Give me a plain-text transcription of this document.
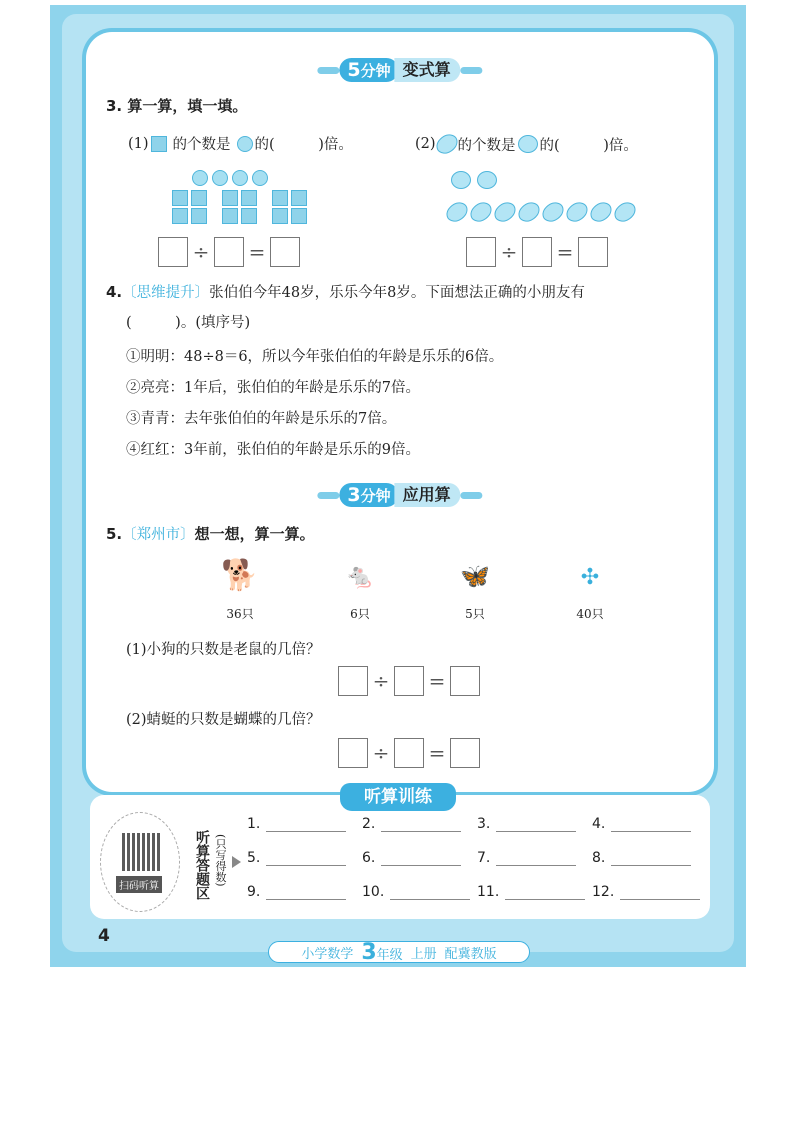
5分钟 变式算
3. 算一算，填一填。
(1) 的个数是 的(　　　)倍。	(2) 的个数是 的(　　　)倍。
÷ =	÷ =
4.〔思维提升〕张伯伯今年48岁，乐乐今年8岁。下面想法正确的小朋友有
(　　　)。(填序号)
①明明：48÷8＝6，所以今年张伯伯的年龄是乐乐的6倍。
②亮亮：1年后，张伯伯的年龄是乐乐的7倍。
③青青：去年张伯伯的年龄是乐乐的7倍。
④红红：3年前，张伯伯的年龄是乐乐的9倍。
3分钟 应用算
5.〔郑州市〕想一想，算一算。
🐕
36只
🐁
6只
🦋
5只
✣
40只
(1)小狗的只数是老鼠的几倍？
÷ =
(2)蜻蜓的只数是蝴蝶的几倍？
÷ =
听算训练
扫码听算	听算答题区 (只写得数)
1.	2.	3.	4.
5.	6.	7.	8.
9.	10.	11.	12.
4
小学数学 3年级 上册 配冀教版
